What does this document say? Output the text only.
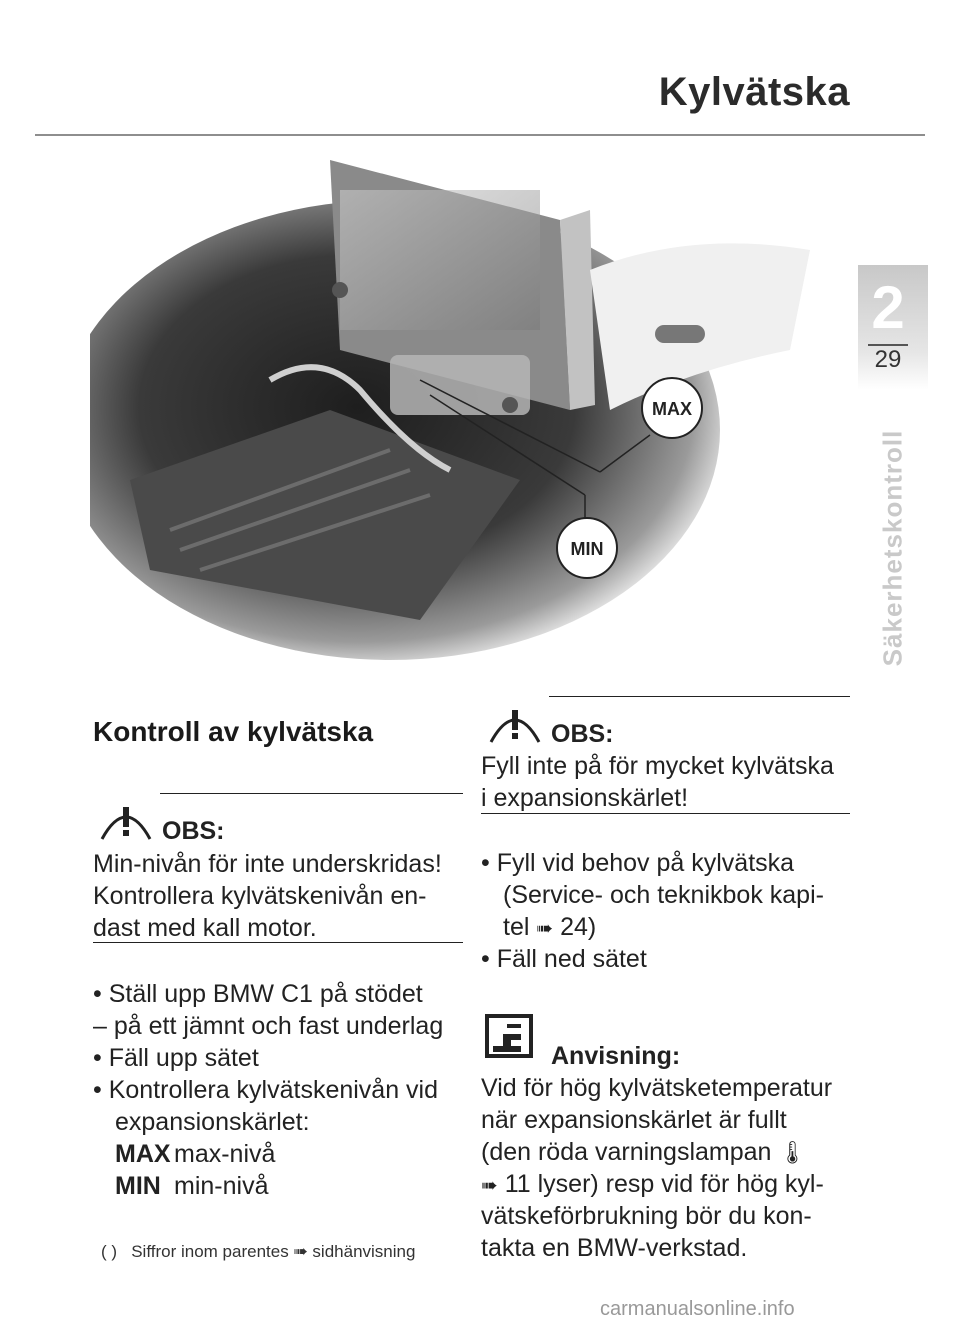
Kylvätska
2
29
Säkerhetskontroll
MAX
MIN
Kontroll av kylvätska
OBS:
Min-nivån för inte underskridas!
Kontrollera kylvätskenivån en-
dast med kall motor.
• Ställ upp BMW C1 på stödet
– på ett jämnt och fast underlag
• Fäll upp sätet
• Kontrollera kylvätskenivån vid
expansionskärlet:
MAX max-nivå
MIN min-nivå
( ) Siffror inom parentes ➠ sidhänvisning
OBS:
Fyll inte på för mycket kylvätska
i expansionskärlet!
• Fyll vid behov på kylvätska
(Service- och teknikbok kapi-
tel ➠ 24)
• Fäll ned sätet
Anvisning:
Vid för hög kylvätsketemperatur
när expansionskärlet är fullt
(den röda varningslampan 🌡︎
➠ 11 lyser) resp vid för hög kyl-
vätskeförbrukning bör du kon-
takta en BMW-verkstad.
carmanualsonline.info
